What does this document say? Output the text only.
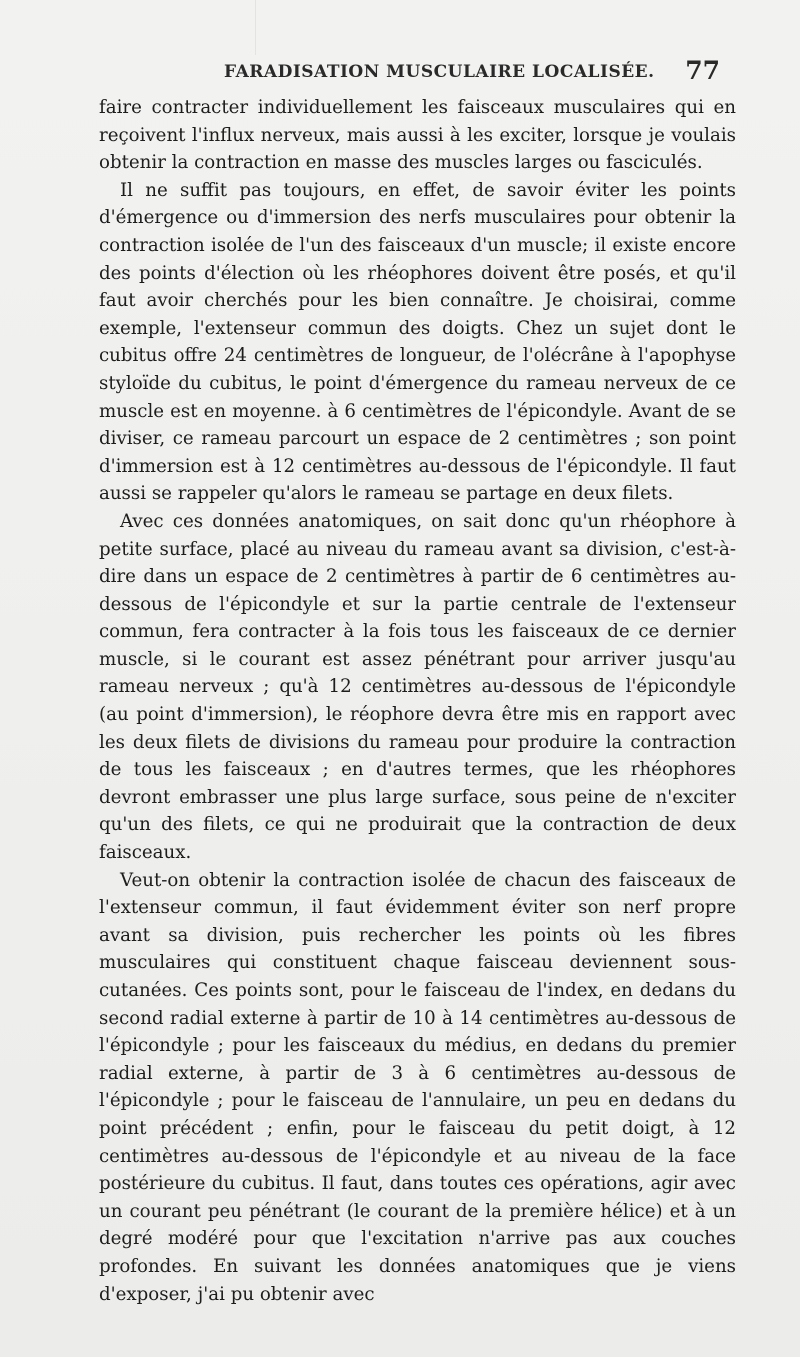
FARADISATION MUSCULAIRE LOCALISÉE. 77

faire contracter individuellement les faisceaux musculaires qui en reçoivent l'influx nerveux, mais aussi à les exciter, lorsque je voulais obtenir la contraction en masse des muscles larges ou fasciculés.

Il ne suffit pas toujours, en effet, de savoir éviter les points d'émergence ou d'immersion des nerfs musculaires pour obtenir la contraction isolée de l'un des faisceaux d'un muscle; il existe encore des points d'élection où les rhéophores doivent être posés, et qu'il faut avoir cherchés pour les bien connaître. Je choisirai, comme exemple, l'extenseur commun des doigts. Chez un sujet dont le cubitus offre 24 centimètres de longueur, de l'olécrâne à l'apophyse styloïde du cubitus, le point d'émergence du rameau nerveux de ce muscle est en moyenne. à 6 centimètres de l'épicondyle. Avant de se diviser, ce rameau parcourt un espace de 2 centimètres ; son point d'immersion est à 12 centimètres au-dessous de l'épicondyle. Il faut aussi se rappeler qu'alors le rameau se partage en deux filets.

Avec ces données anatomiques, on sait donc qu'un rhéophore à petite surface, placé au niveau du rameau avant sa division, c'est-à-dire dans un espace de 2 centimètres à partir de 6 centimètres au-dessous de l'épicondyle et sur la partie centrale de l'extenseur commun, fera contracter à la fois tous les faisceaux de ce dernier muscle, si le courant est assez pénétrant pour arriver jusqu'au rameau nerveux ; qu'à 12 centimètres au-dessous de l'épicondyle (au point d'immersion), le réophore devra être mis en rapport avec les deux filets de divisions du rameau pour produire la contraction de tous les faisceaux ; en d'autres termes, que les rhéophores devront embrasser une plus large surface, sous peine de n'exciter qu'un des filets, ce qui ne produirait que la contraction de deux faisceaux.

Veut-on obtenir la contraction isolée de chacun des faisceaux de l'extenseur commun, il faut évidemment éviter son nerf propre avant sa division, puis rechercher les points où les fibres musculaires qui constituent chaque faisceau deviennent sous-cutanées. Ces points sont, pour le faisceau de l'index, en dedans du second radial externe à partir de 10 à 14 centimètres au-dessous de l'épicondyle ; pour les faisceaux du médius, en dedans du premier radial externe, à partir de 3 à 6 centimètres au-dessous de l'épicondyle ; pour le faisceau de l'annulaire, un peu en dedans du point précédent ; enfin, pour le faisceau du petit doigt, à 12 centimètres au-dessous de l'épicondyle et au niveau de la face postérieure du cubitus. Il faut, dans toutes ces opérations, agir avec un courant peu pénétrant (le courant de la première hélice) et à un degré modéré pour que l'excitation n'arrive pas aux couches profondes. En suivant les données anatomiques que je viens d'exposer, j'ai pu obtenir avec
